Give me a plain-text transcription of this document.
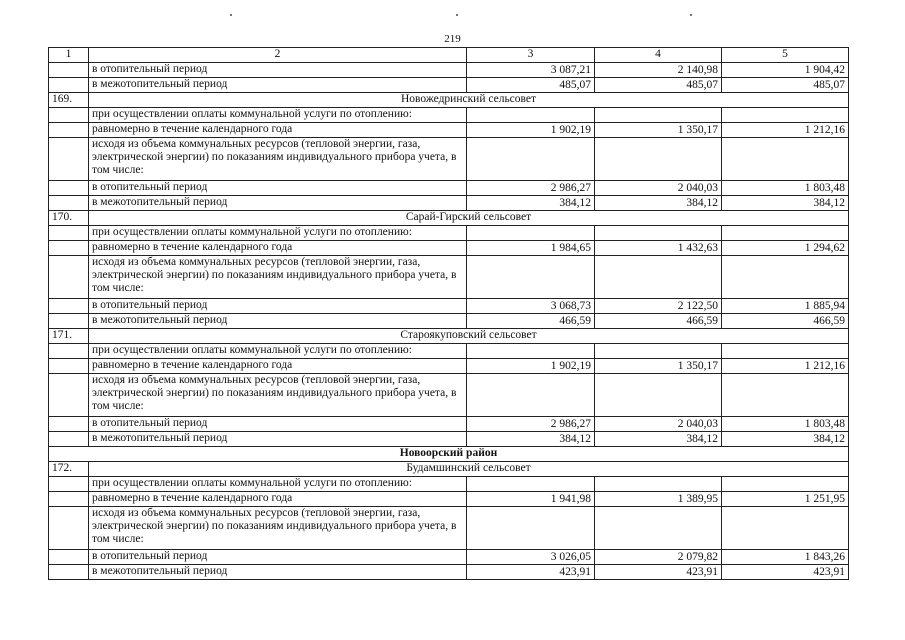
219
1	2	3	4	5
	в отопительный период	3 087,21	2 140,98	1 904,42
	в межотопительный период	485,07	485,07	485,07
169.	Новожедринский сельсовет			
	при осуществлении оплаты коммунальной услуги по отоплению:			
	равномерно в течение календарного года	1 902,19	1 350,17	1 212,16
	исходя из объема коммунальных ресурсов (тепловой энергии, газа, электрической энергии) по показаниям индивидуального прибора учета, в том числе:			
	в отопительный период	2 986,27	2 040,03	1 803,48
	в межотопительный период	384,12	384,12	384,12
170.	Сарай-Гирский сельсовет			
	при осуществлении оплаты коммунальной услуги по отоплению:			
	равномерно в течение календарного года	1 984,65	1 432,63	1 294,62
	исходя из объема коммунальных ресурсов (тепловой энергии, газа, электрической энергии) по показаниям индивидуального прибора учета, в том числе:			
	в отопительный период	3 068,73	2 122,50	1 885,94
	в межотопительный период	466,59	466,59	466,59
171.	Староякуповский сельсовет			
	при осуществлении оплаты коммунальной услуги по отоплению:			
	равномерно в течение календарного года	1 902,19	1 350,17	1 212,16
	исходя из объема коммунальных ресурсов (тепловой энергии, газа, электрической энергии) по показаниям индивидуального прибора учета, в том числе:			
	в отопительный период	2 986,27	2 040,03	1 803,48
	в межотопительный период	384,12	384,12	384,12
Новоорский район				
172.	Будамшинский сельсовет			
	при осуществлении оплаты коммунальной услуги по отоплению:			
	равномерно в течение календарного года	1 941,98	1 389,95	1 251,95
	исходя из объема коммунальных ресурсов (тепловой энергии, газа, электрической энергии) по показаниям индивидуального прибора учета, в том числе:			
	в отопительный период	3 026,05	2 079,82	1 843,26
	в межотопительный период	423,91	423,91	423,91
